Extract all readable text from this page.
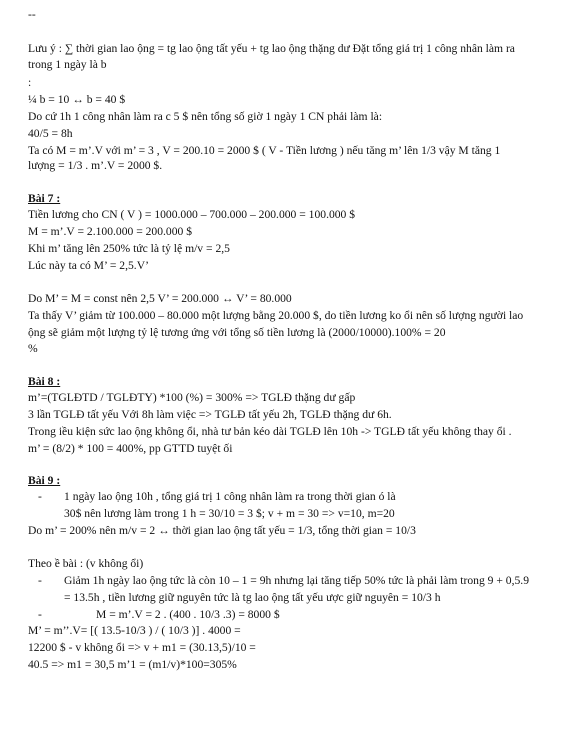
--
Lưu ý : ∑ thời gian lao ộng = tg lao ộng tất yếu + tg lao ộng thặng dư Đặt tổng giá trị 1 công nhân làm ra
trong 1 ngày là b
:
¼ b = 10 ↔ b = 40 $
Do cứ 1h 1 công nhân làm ra c 5 $ nên tổng số giờ 1 ngày 1 CN phải làm là:
40/5 = 8h
Ta có M = m’.V với m’ = 3 , V = 200.10 = 2000 $ ( V - Tiền lương ) nếu tăng m’ lên 1/3 vậy M tăng 1
lượng = 1/3 . m’.V = 2000 $.
Bài 7 :
Tiền lương cho CN ( V ) = 1000.000 – 700.000 – 200.000 = 100.000 $
M = m’.V = 2.100.000 = 200.000 $
Khi m’ tăng lên 250% tức là tỷ lệ m/v = 2,5
Lúc này ta có M’ = 2,5.V’
Do M’ = M = const nên 2,5 V’ = 200.000 ↔ V’ = 80.000
Ta thấy V’ giảm từ 100.000 – 80.000 một lượng bằng 20.000 $, do tiền lương ko ổi nên số lượng người lao
ộng sẽ giảm một lượng tỷ lệ tương ứng với tổng số tiền lương là (2000/10000).100% = 20
%
Bài 8 :
m’=(TGLĐTD / TGLĐTY) *100 (%) = 300% => TGLĐ thặng dư gấp
3 lần TGLĐ tất yếu Với 8h làm việc => TGLĐ tất yếu 2h, TGLĐ thặng dư 6h.
Trong iều kiện sức lao ộng không ổi, nhà tư bản kéo dài TGLĐ lên 10h -> TGLĐ tất yếu không thay ổi .
m’ = (8/2) * 100 = 400%, pp GTTD tuyệt ối
Bài 9 :
- 1 ngày lao ộng 10h , tổng giá trị 1 công nhân làm ra trong thời gian ó là
30$ nên lương làm trong 1 h = 30/10 = 3 $; v + m = 30 => v=10, m=20
Do m’ = 200% nên m/v = 2 ↔ thời gian lao ộng tất yếu = 1/3, tổng thời gian = 10/3
Theo ề bài : (v không ổi)
- Giảm 1h ngày lao ộng tức là còn 10 – 1 = 9h nhưng lại tăng tiếp 50% tức là phải làm trong 9 + 0,5.9
= 13.5h , tiền lương giữ nguyên tức là tg lao ộng tất yếu ược giữ nguyên = 10/3 h
-	M = m’.V = 2 . (400 . 10/3 .3) = 8000 $
M’ = m’’.V= [( 13.5-10/3 ) / ( 10/3 )] . 4000 =
12200 $ - v không ổi => v + m1 = (30.13,5)/10 =
40.5 => m1 = 30,5 m’1 = (m1/v)*100=305%
